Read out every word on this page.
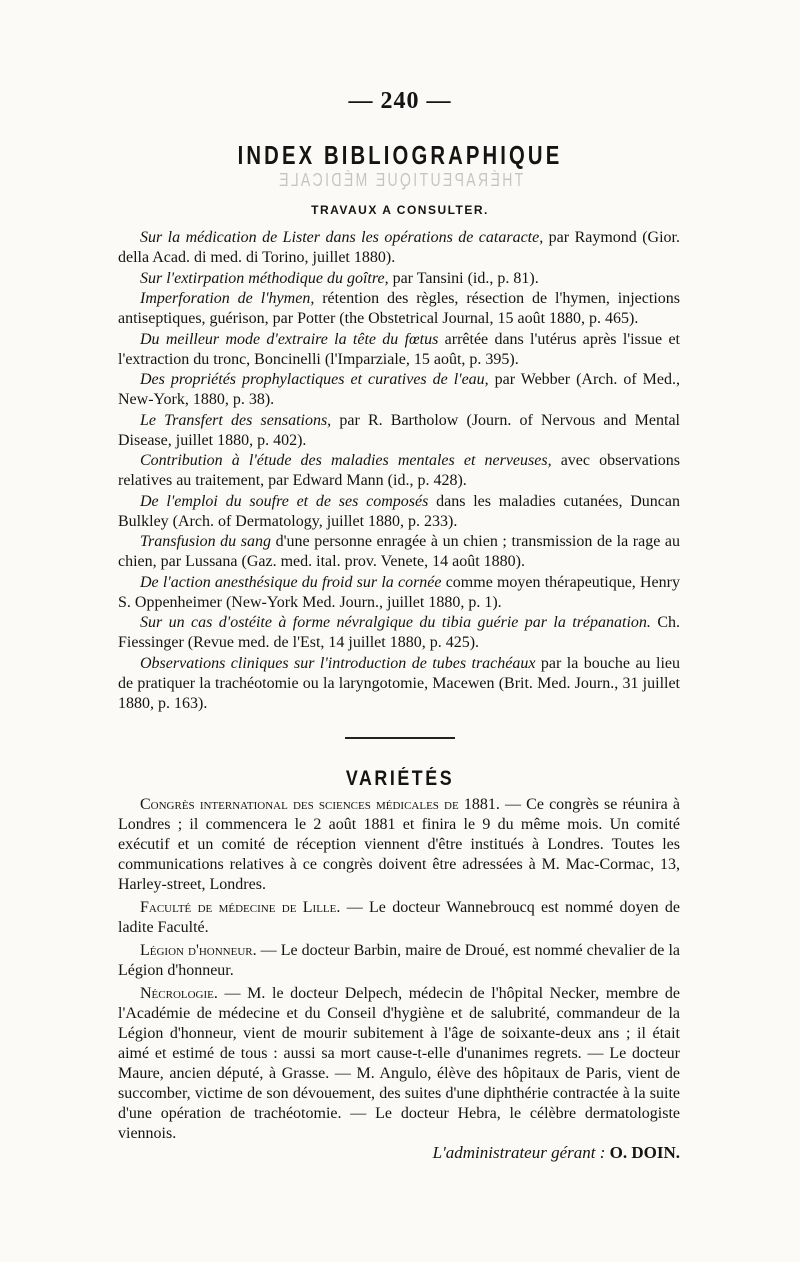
— 240 —
INDEX BIBLIOGRAPHIQUE
THÉRAPEUTIQUE MÉDICALE
TRAVAUX A CONSULTER.

Sur la médication de Lister dans les opérations de cataracte, par Raymond (Gior. della Acad. di med. di Torino, juillet 1880).

Sur l'extirpation méthodique du goître, par Tansini (id., p. 81).

Imperforation de l'hymen, rétention des règles, résection de l'hymen, injections antiseptiques, guérison, par Potter (the Obstetrical Journal, 15 août 1880, p. 465).

Du meilleur mode d'extraire la tête du fœtus arrêtée dans l'utérus après l'issue et l'extraction du tronc, Boncinelli (l'Imparziale, 15 août, p. 395).

Des propriétés prophylactiques et curatives de l'eau, par Webber (Arch. of Med., New-York, 1880, p. 38).

Le Transfert des sensations, par R. Bartholow (Journ. of Nervous and Mental Disease, juillet 1880, p. 402).

Contribution à l'étude des maladies mentales et nerveuses, avec observations relatives au traitement, par Edward Mann (id., p. 428).

De l'emploi du soufre et de ses composés dans les maladies cutanées, Duncan Bulkley (Arch. of Dermatology, juillet 1880, p. 233).

Transfusion du sang d'une personne enragée à un chien ; transmission de la rage au chien, par Lussana (Gaz. med. ital. prov. Venete, 14 août 1880).

De l'action anesthésique du froid sur la cornée comme moyen thérapeutique, Henry S. Oppenheimer (New-York Med. Journ., juillet 1880, p. 1).

Sur un cas d'ostéite à forme névralgique du tibia guérie par la trépanation. Ch. Fiessinger (Revue med. de l'Est, 14 juillet 1880, p. 425).

Observations cliniques sur l'introduction de tubes trachéaux par la bouche au lieu de pratiquer la trachéotomie ou la laryngotomie, Macewen (Brit. Med. Journ., 31 juillet 1880, p. 163).

VARIÉTÉS

Congrès international des sciences médicales de 1881. — Ce congrès se réunira à Londres ; il commencera le 2 août 1881 et finira le 9 du même mois. Un comité exécutif et un comité de réception viennent d'être institués à Londres. Toutes les communications relatives à ce congrès doivent être adressées à M. Mac-Cormac, 13, Harley-street, Londres.

Faculté de médecine de Lille. — Le docteur Wannebroucq est nommé doyen de ladite Faculté.

Légion d'honneur. — Le docteur Barbin, maire de Droué, est nommé chevalier de la Légion d'honneur.

Nécrologie. — M. le docteur Delpech, médecin de l'hôpital Necker, membre de l'Académie de médecine et du Conseil d'hygiène et de salubrité, commandeur de la Légion d'honneur, vient de mourir subitement à l'âge de soixante-deux ans ; il était aimé et estimé de tous : aussi sa mort cause-t-elle d'unanimes regrets. — Le docteur Maure, ancien député, à Grasse. — M. Angulo, élève des hôpitaux de Paris, vient de succomber, victime de son dévouement, des suites d'une diphthérie contractée à la suite d'une opération de trachéotomie. — Le docteur Hebra, le célèbre dermatologiste viennois.

L'administrateur gérant : O. DOIN.
